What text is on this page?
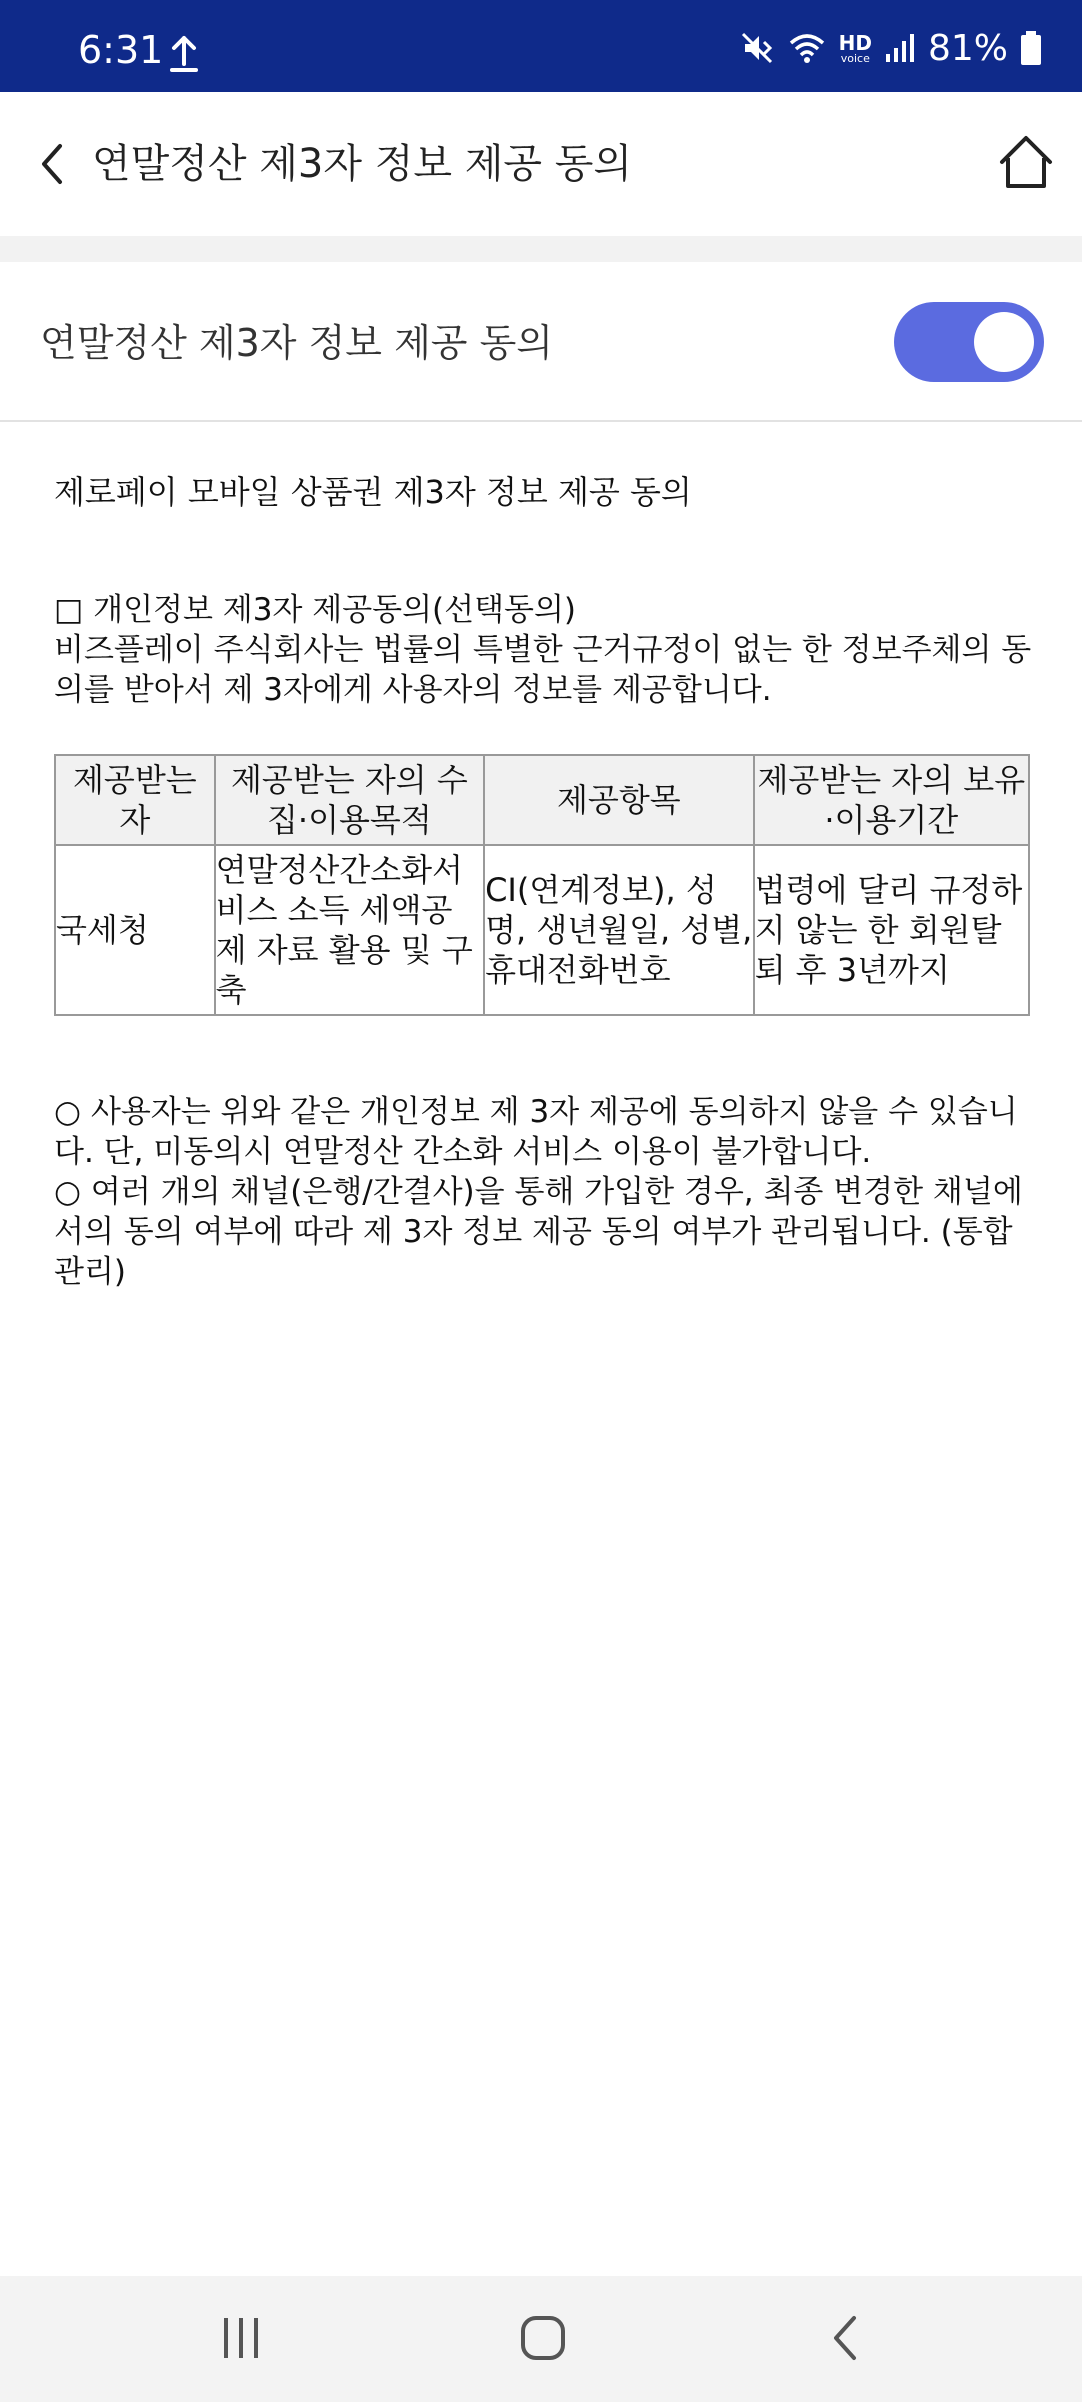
6:31	HD
voice 81%
연말정산 제3자 정보 제공 동의
연말정산 제3자 정보 제공 동의

제로페이 모바일 상품권 제3자 정보 제공 동의

□ 개인정보 제3자 제공동의(선택동의)

비즈플레이 주식회사는 법률의 특별한 근거규정이 없는 한 정보주체의 동의를 받아서 제 3자에게 사용자의 정보를 제공합니다.

제공받는 자	제공받는 자의 수집·이용목적	제공항목	제공받는 자의 보유·이용기간
국세청	연말정산간소화서비스 소득 세액공제 자료 활용 및 구축	CI(연계정보), 성명, 생년월일, 성별, 휴대전화번호	법령에 달리 규정하지 않는 한 회원탈퇴 후 3년까지

○ 사용자는 위와 같은 개인정보 제 3자 제공에 동의하지 않을 수 있습니다. 단, 미동의시 연말정산 간소화 서비스 이용이 불가합니다.

○ 여러 개의 채널(은행/간결사)을 통해 가입한 경우, 최종 변경한 채널에서의 동의 여부에 따라 제 3자 정보 제공 동의 여부가 관리됩니다. (통합 관리)
